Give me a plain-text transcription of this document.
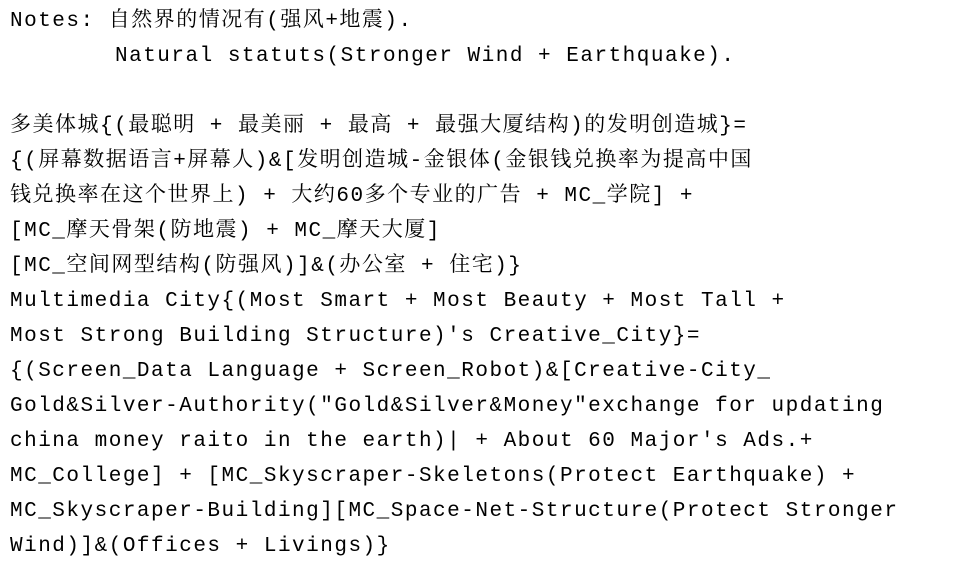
Notes: 自然界的情况有(强风+地震).
Natural statuts(Stronger Wind + Earthquake).
多美体城{(最聪明 + 最美丽 + 最高 + 最强大厦结构)的发明创造城}=
{(屏幕数据语言+屏幕人)&[发明创造城-金银体(金银钱兑换率为提高中国
钱兑换率在这个世界上) + 大约60多个专业的广告 + MC_学院] +
[MC_摩天骨架(防地震) + MC_摩天大厦]
[MC_空间网型结构(防强风)]&(办公室 + 住宅)}
Multimedia City{(Most Smart + Most Beauty + Most Tall +
Most Strong Building Structure)'s Creative_City}=
{(Screen_Data Language + Screen_Robot)&[Creative-City_
Gold&Silver-Authority("Gold&Silver&Money"exchange for updating
china money raito in the earth)| + About 60 Major's Ads.+
MC_College] + [MC_Skyscraper-Skeletons(Protect Earthquake) +
MC_Skyscraper-Building][MC_Space-Net-Structure(Protect Stronger
Wind)]&(Offices + Livings)}
